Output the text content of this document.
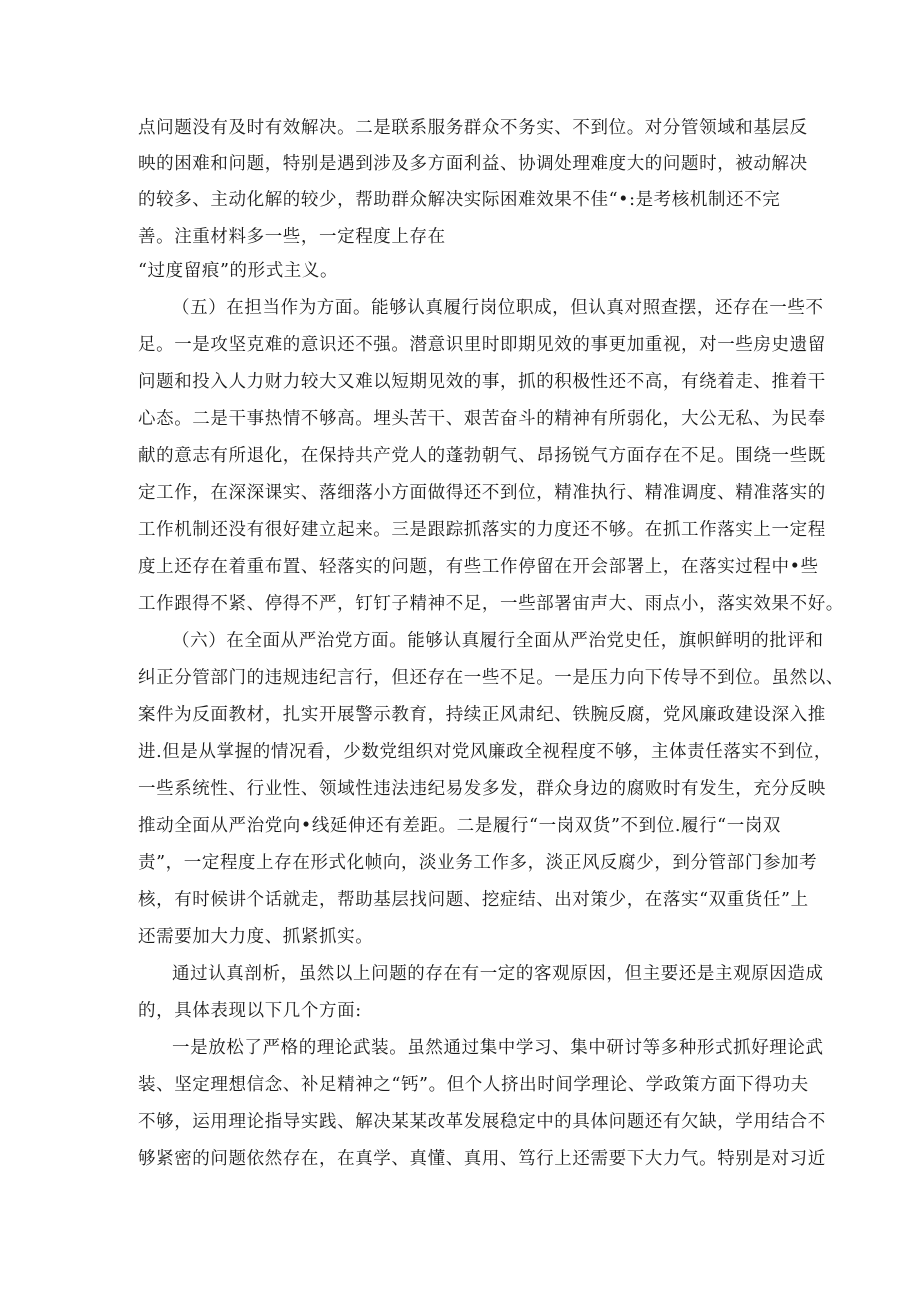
点问题没有及时有效解决。二是联系服务群众不务实、不到位。对分管领域和基层反
映的困难和问题，特别是遇到涉及多方面利益、协调处理难度大的问题时，被动解决
的较多、主动化解的较少，帮助群众解决实际困难效果不佳“•:是考核机制还不完
善。注重材料多一些，一定程度上存在
“过度留痕”的形式主义。
（五）在担当作为方面。能够认真履行岗位职成，但认真对照查摆，还存在一些不
足。一是攻坚克难的意识还不强。潜意识里时即期见效的事更加重视，对一些房史遗留
问题和投入人力财力较大又难以短期见效的事，抓的积极性还不高，有绕着走、推着干
心态。二是干事热情不够高。埋头苦干、艰苦奋斗的精神有所弱化，大公无私、为民奉
献的意志有所退化，在保持共产党人的蓬勃朝气、昂扬锐气方面存在不足。围绕一些既
定工作，在深深课实、落细落小方面做得还不到位，精准执行、精准调度、精准落实的
工作机制还没有很好建立起来。三是跟踪抓落实的力度还不够。在抓工作落实上一定程
度上还存在着重布置、轻落实的问题，有些工作停留在开会部署上，在落实过程中•些
工作跟得不紧、停得不严，钉钉子精神不足，一些部署宙声大、雨点小，落实效果不好。
（六）在全面从严治党方面。能够认真履行全面从严治党史任，旗帜鲜明的批评和
纠正分管部门的违规违纪言行，但还存在一些不足。一是压力向下传导不到位。虽然以、
案件为反面教材，扎实开展警示教育，持续正风肃纪、铁腕反腐，党风廉政建设深入推
进.但是从掌握的情况看，少数党组织对党风廉政全视程度不够，主体责任落实不到位，
一些系统性、行业性、领域性违法违纪易发多发，群众身边的腐败时有发生，充分反映
推动全面从严治党向•线延伸还有差距。二是履行“一岗双货”不到位.履行“一岗双
责”，一定程度上存在形式化帧向，淡业务工作多，淡正风反腐少，到分管部门参加考
核，有时候讲个话就走，帮助基层找问题、挖症结、出对策少，在落实“双重货任”上
还需要加大力度、抓紧抓实。
通过认真剖析，虽然以上问题的存在有一定的客观原因，但主要还是主观原因造成
的，具体表现以下几个方面:
一是放松了严格的理论武装。虽然通过集中学习、集中研讨等多种形式抓好理论武
装、坚定理想信念、补足精神之“钙”。但个人挤出时间学理论、学政策方面下得功夫
不够，运用理论指导实践、解决某某改革发展稳定中的具体问题还有欠缺，学用结合不
够紧密的问题依然存在，在真学、真懂、真用、笃行上还需要下大力气。特别是对习近
